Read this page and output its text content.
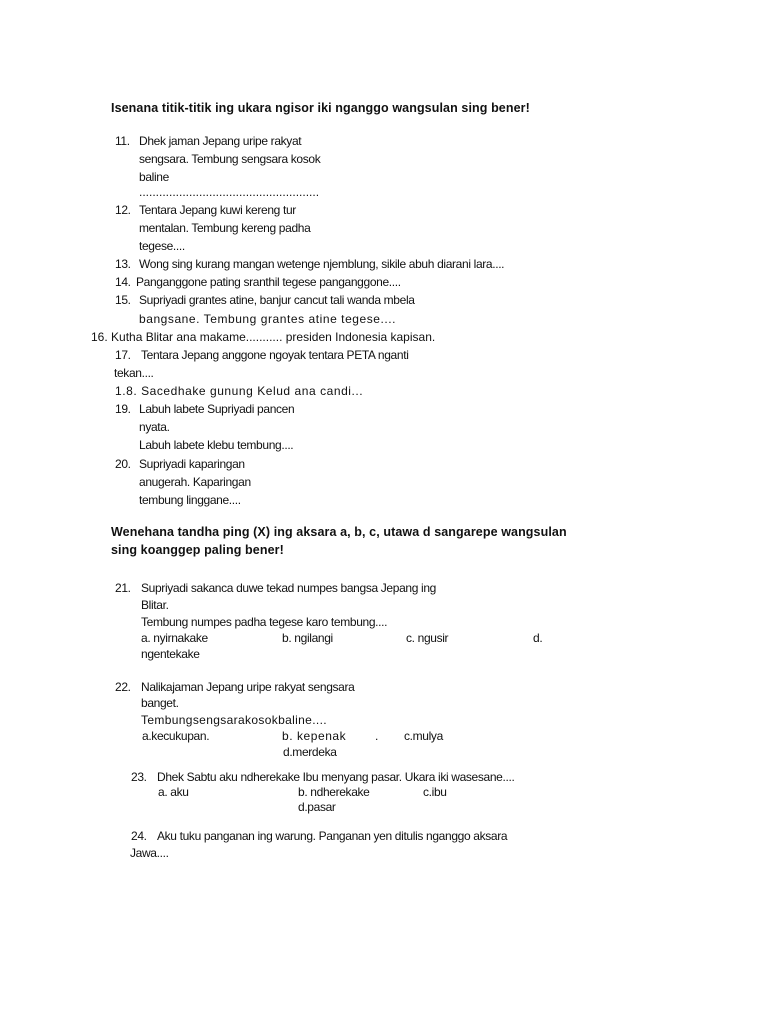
Isenana titik-titik ing ukara ngisor iki nganggo wangsulan sing bener!
11. Dhek jaman Jepang uripe rakyat
sengsara. Tembung sengsara kosok
baline
......................................................
12. Tentara Jepang kuwi kereng tur
mentalan. Tembung kereng padha
tegese....
13. Wong sing kurang mangan wetenge njemblung, sikile abuh diarani lara....
14. Panganggone pating sranthil tegese panganggone....
15. Supriyadi grantes atine, banjur cancut tali wanda mbela
bangsane. Tembung grantes atine tegese....
16. Kutha Blitar ana makame........... presiden Indonesia kapisan.
17. Tentara Jepang anggone ngoyak tentara PETA nganti
tekan....
1.8. Sacedhake gunung Kelud ana candi...
19. Labuh labete Supriyadi pancen
nyata.
Labuh labete klebu tembung....
20. Supriyadi kaparingan
anugerah. Kaparingan
tembung linggane....
Wenehana tandha ping (X) ing aksara a, b, c, utawa d sangarepe wangsulan
sing koanggep paling bener!
21. Supriyadi sakanca duwe tekad numpes bangsa Jepang ing
Blitar.
Tembung numpes padha tegese karo tembung....
a. nyirnakake	b. ngilangi	c. ngusir	d.
ngentekake
22. Nalikajaman Jepang uripe rakyat sengsara
banget.
Tembungsengsarakosokbaline....
a.kecukupan.	b. kepenak . c.mulya
d.merdeka
23. Dhek Sabtu aku ndherekake Ibu menyang pasar. Ukara iki wasesane....
a. aku	b. ndherekake	c.ibu
d.pasar
24. Aku tuku panganan ing warung. Panganan yen ditulis nganggo aksara
Jawa....
